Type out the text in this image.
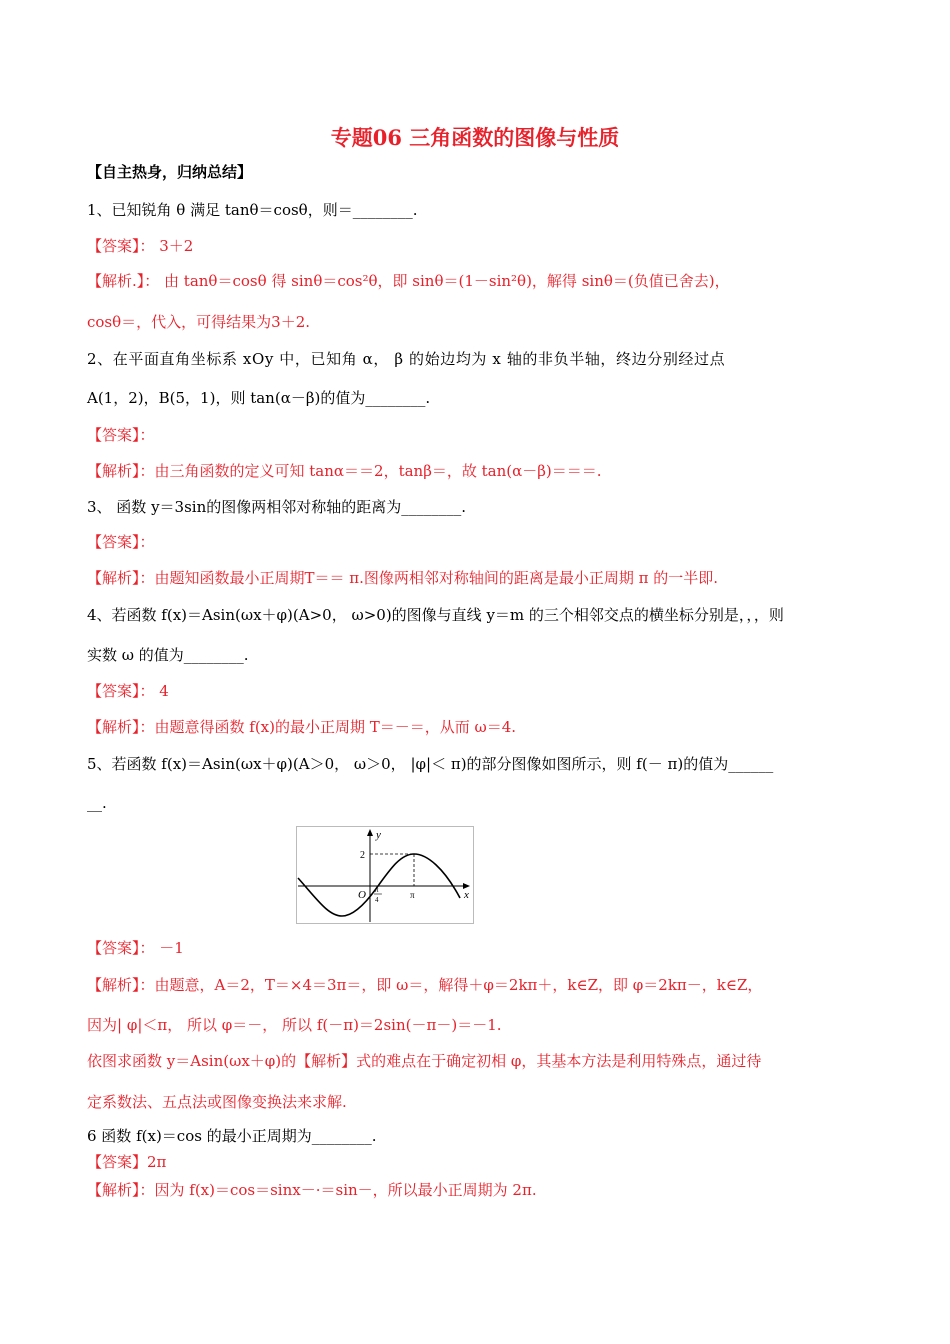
专题06 三角函数的图像与性质
【自主热身，归纳总结】
1、已知锐角 θ 满足 tanθ＝cosθ，则＝________.
【答案】： 3＋2
【解析.】： 由 tanθ＝cosθ 得 sinθ＝cos²θ，即 sinθ＝(1－sin²θ)，解得 sinθ＝(负值已舍去)，
cosθ＝，代入，可得结果为3＋2.
2、在平面直角坐标系 xOy 中，已知角 α， β 的始边均为 x 轴的非负半轴，终边分别经过点
A(1，2)，B(5，1)，则 tan(α－β)的值为________.
【答案】：
【解析】：由三角函数的定义可知 tanα＝＝2，tanβ＝，故 tan(α－β)＝＝＝.
3、 函数 y＝3sin的图像两相邻对称轴的距离为________.
【答案】：
【解析】：由题知函数最小正周期T＝＝ π.图像两相邻对称轴间的距离是最小正周期 π 的一半即.
4、若函数 f(x)＝Asin(ωx＋φ)(A>0， ω>0)的图像与直线 y＝m 的三个相邻交点的横坐标分别是，，，则
实数 ω 的值为________.
【答案】： 4
【解析】：由题意得函数 f(x)的最小正周期 T＝－＝，从而 ω＝4.
5、若函数 f(x)＝Asin(ωx＋φ)(A＞0， ω＞0， |φ|＜ π)的部分图像如图所示，则 f(－ π)的值为______
__.
y
x
O
2
π
π
4
【答案】： －1
【解析】：由题意，A＝2，T＝×4＝3π＝，即 ω＝，解得＋φ＝2kπ＋，k∈Z，即 φ＝2kπ－，k∈Z，
因为| φ|＜π， 所以 φ＝－， 所以 f(－π)＝2sin(－π－)＝－1.
依图求函数 y＝Asin(ωx＋φ)的【解析】式的难点在于确定初相 φ，其基本方法是利用特殊点，通过待
定系数法、五点法或图像变换法来求解.
6 函数 f(x)＝cos 的最小正周期为________.
【答案】2π
【解析】：因为 f(x)＝cos＝sinx－·＝sin－，所以最小正周期为 2π.
